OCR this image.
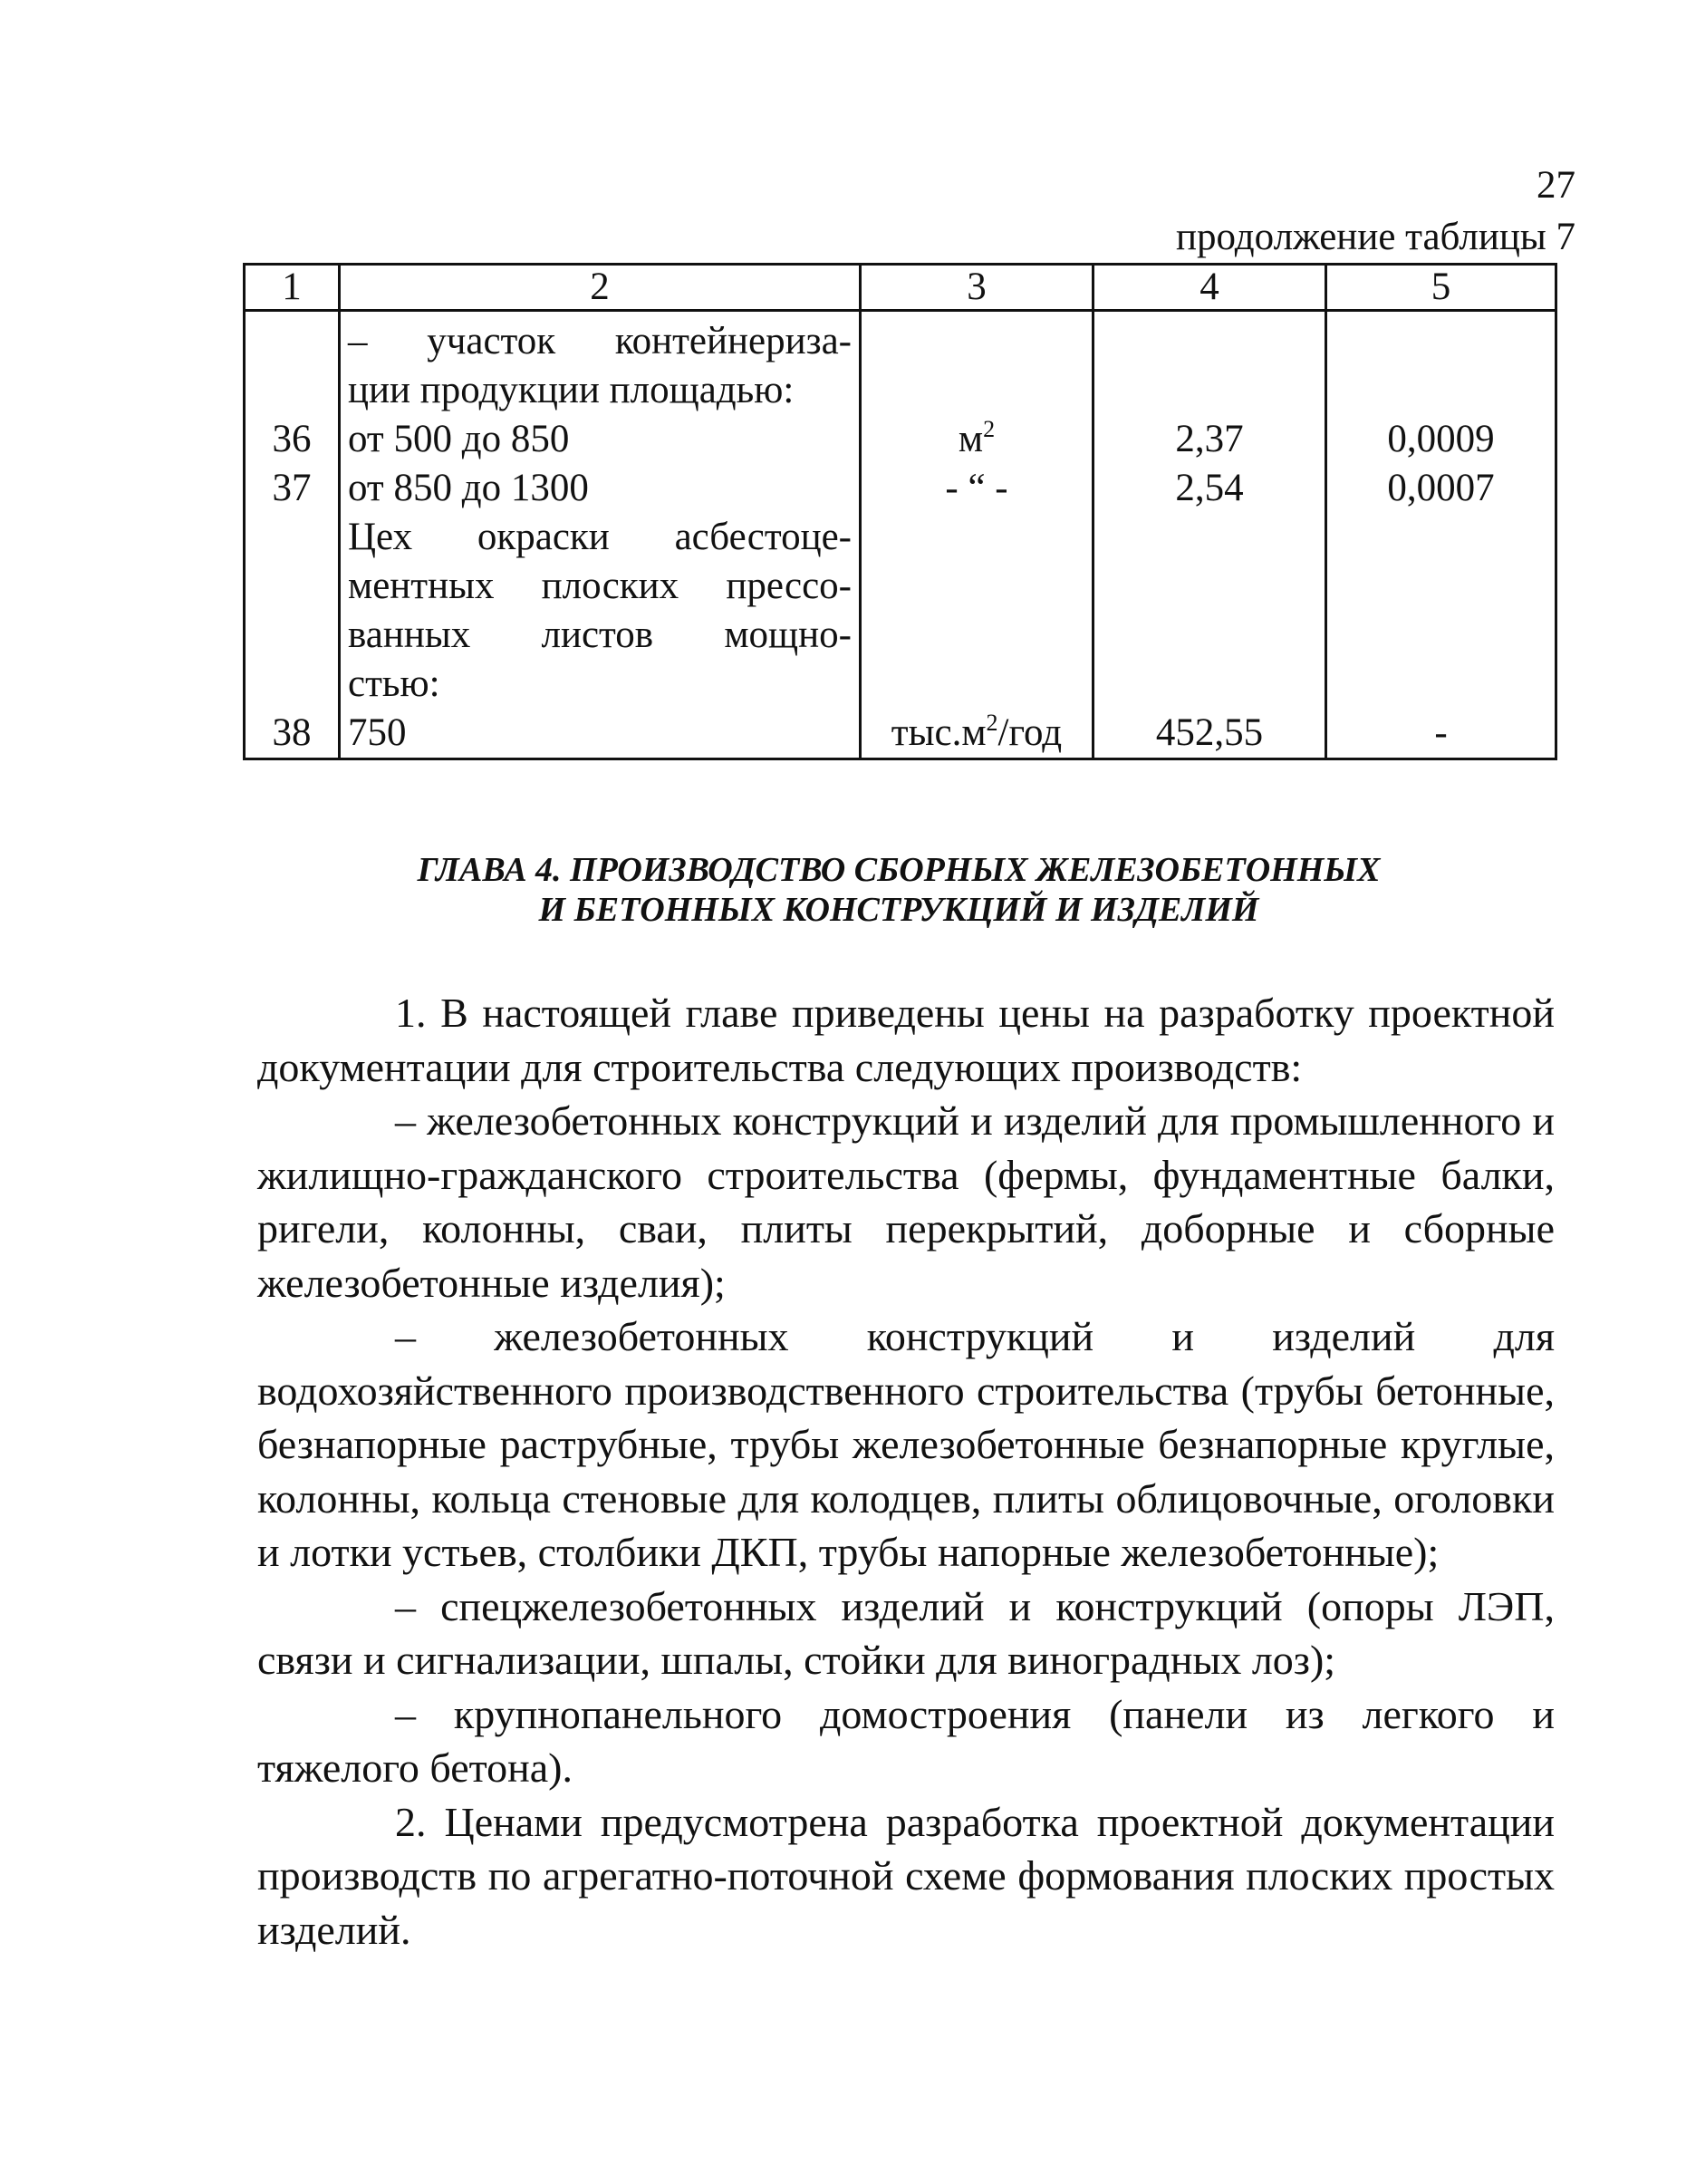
27
продолжение таблицы 7
1	2	3	4	5
	– участок контейнериза-			
	ции продукции площадью:			
36	от 500 до 850	$м^2$	2,37	0,0009
37	от 850 до 1300	- “ -	2,54	0,0007
	Цех окраски асбестоце-			
	ментных плоских прессо-			
	ванных листов мощно-			
	стью:			
38	750	$тыс.м^2$/год	452,55	-
ГЛАВА 4. ПРОИЗВОДСТВО СБОРНЫХ ЖЕЛЕЗОБЕТОННЫХ
И БЕТОННЫХ КОНСТРУКЦИЙ И ИЗДЕЛИЙ

1. В настоящей главе приведены цены на разработку проектной документации для строительства следующих производств:

– железобетонных конструкций и изделий для промышленного и жилищно-гражданского строительства (фермы, фундаментные балки, ригели, колонны, сваи, плиты перекрытий, доборные и сборные железобетонные изделия);

– железобетонных конструкций и изделий для водохозяйственного производственного строительства (трубы бетонные, безнапорные раструбные, трубы железобетонные безнапорные круглые, колонны, кольца стеновые для колодцев, плиты облицовочные, оголовки и лотки устьев, столбики ДКП, трубы напорные железобетонные);

– спецжелезобетонных изделий и конструкций (опоры ЛЭП, связи и сигнализации, шпалы, стойки для виноградных лоз);

– крупнопанельного домостроения (панели из легкого и тяжелого бетона).

2. Ценами предусмотрена разработка проектной документации производств по агрегатно-поточной схеме формования плоских простых изделий.
